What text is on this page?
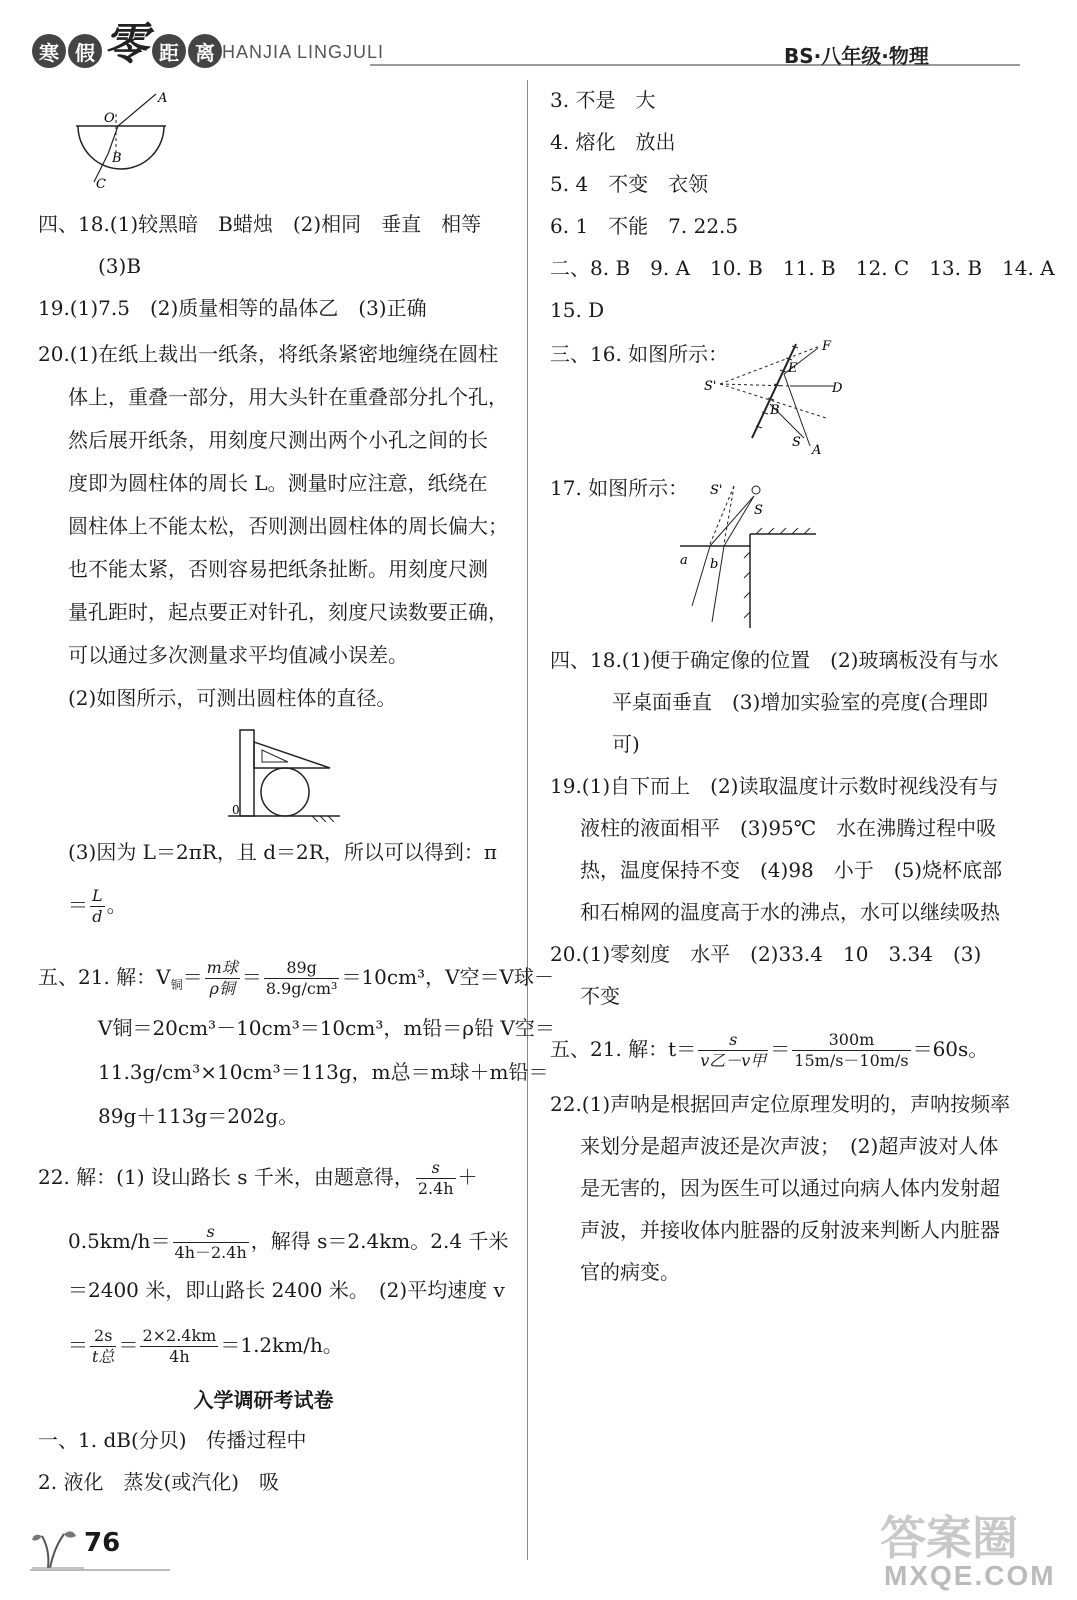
寒 假 零 距 离 HANJIA LINGJULI	BS·八年级·物理
A
O
B
C
四、18.(1)较黑暗　B蜡烛　(2)相同　垂直　相等
(3)B
19.(1)7.5　(2)质量相等的晶体乙　(3)正确
20.(1)在纸上裁出一纸条，将纸条紧密地缠绕在圆柱
体上，重叠一部分，用大头针在重叠部分扎个孔，
然后展开纸条，用刻度尺测出两个小孔之间的长
度即为圆柱体的周长 L。测量时应注意，纸绕在
圆柱体上不能太松，否则测出圆柱体的周长偏大；
也不能太紧，否则容易把纸条扯断。用刻度尺测
量孔距时，起点要正对针孔，刻度尺读数要正确，
可以通过多次测量求平均值减小误差。
(2)如图所示，可测出圆柱体的直径。
0
(3)因为 L＝2πR，且 d＝2R，所以可以得到：π
＝ $\frac{L}{d}$ 。
五、21. 解：$V_铜= \frac{\text{m球}}{\text{ρ铜}} = \frac{89g}{\text{8.9g/cm³}} =10cm^3$，V空＝V球－
V铜＝20cm³－10cm³＝10cm³，m铅＝ρ铅 V空＝
11.3g/cm³×10cm³＝113g，m总＝m球＋m铅＝
89g＋113g＝202g。
22. 解：(1) 设山路长 s 千米，由题意得， $\frac{s}{2.4h}$ ＋
$0.5km/h= \frac{s}{4h-2.4h}$ ，解得 s＝2.4km。2.4 千米
＝2400 米，即山路长 2400 米。　(2)平均速度 v
＝ $\frac{2s}{\text{t总}} = \frac{2\times 2.4km}{4h} =1.2km/h$。
入学调研考试卷
一、1. dB(分贝)　传播过程中
2. 液化　蒸发(或汽化)　吸
3. 不是　大
4. 熔化　放出
5. 4　不变　衣领
6. 1　不能　7. 22.5
二、8. B　9. A　10. B　11. B　12. C　13. B　14. A
15. D
三、16. 如图所示：	F
E
D
S'
B
S
A
17. 如图所示： S'
S
a b
四、18.(1)便于确定像的位置　(2)玻璃板没有与水
平桌面垂直　(3)增加实验室的亮度(合理即
可)
19.(1)自下而上　(2)读取温度计示数时视线没有与
液柱的液面相平　(3)95℃　水在沸腾过程中吸
热，温度保持不变　(4)98　小于　(5)烧杯底部
和石棉网的温度高于水的沸点，水可以继续吸热
20.(1)零刻度　水平　(2)33.4　10　3.34　(3)
不变
五、21. 解：$t= \frac{s}{\text{v乙－v甲}} = \frac{300m}{15m/s-10m/s} =60s$。
22.(1)声呐是根据回声定位原理发明的，声呐按频率
来划分是超声波还是次声波；　(2)超声波对人体
是无害的，因为医生可以通过向病人体内发射超
声波，并接收体内脏器的反射波来判断人内脏器
官的病变。
76	答案圈
MXQE.COM
